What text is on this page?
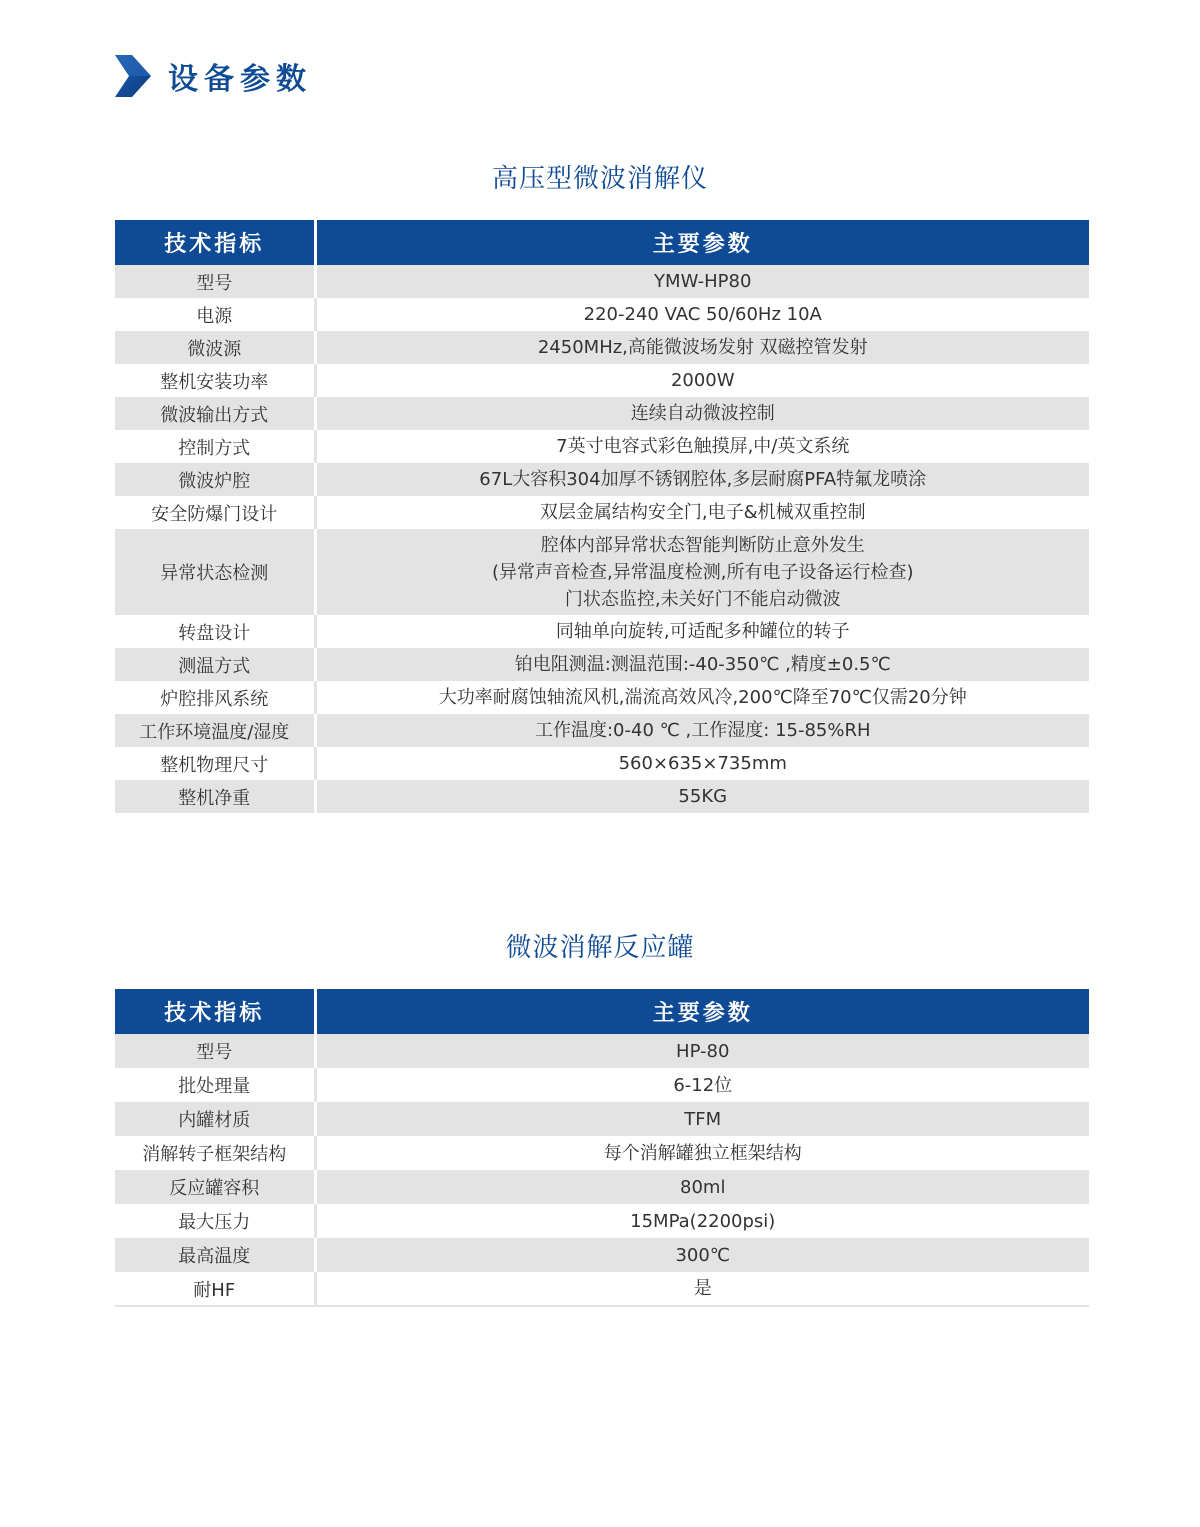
设备参数
高压型微波消解仪
技术指标	主要参数
型号	YMW-HP80

电源	220-240 VAC 50/60Hz 10A

微波源	2450MHz,高能微波场发射 双磁控管发射

整机安装功率	2000W

微波输出方式	连续自动微波控制

控制方式	7英寸电容式彩色触摸屏,中/英文系统

微波炉腔	67L大容积304加厚不锈钢腔体,多层耐腐PFA特氟龙喷涂

安全防爆门设计	双层金属结构安全门,电子&机械双重控制

异常状态检测	腔体内部异常状态智能判断防止意外发生
(异常声音检查,异常温度检测,所有电子设备运行检查)
门状态监控,未关好门不能启动微波

转盘设计	同轴单向旋转,可适配多种罐位的转子

测温方式	铂电阻测温:测温范围:-40-350℃ ,精度±0.5℃

炉腔排风系统	大功率耐腐蚀轴流风机,湍流高效风冷,200℃降至70℃仅需20分钟

工作环境温度/湿度	工作温度:0-40 ℃ ,工作湿度: 15-85%RH

整机物理尺寸	560×635×735mm

整机净重	55KG
微波消解反应罐
技术指标	主要参数
型号	HP-80

批处理量	6-12位

内罐材质	TFM

消解转子框架结构	每个消解罐独立框架结构

反应罐容积	80ml

最大压力	15MPa(2200psi)

最高温度	300℃

耐HF	是
